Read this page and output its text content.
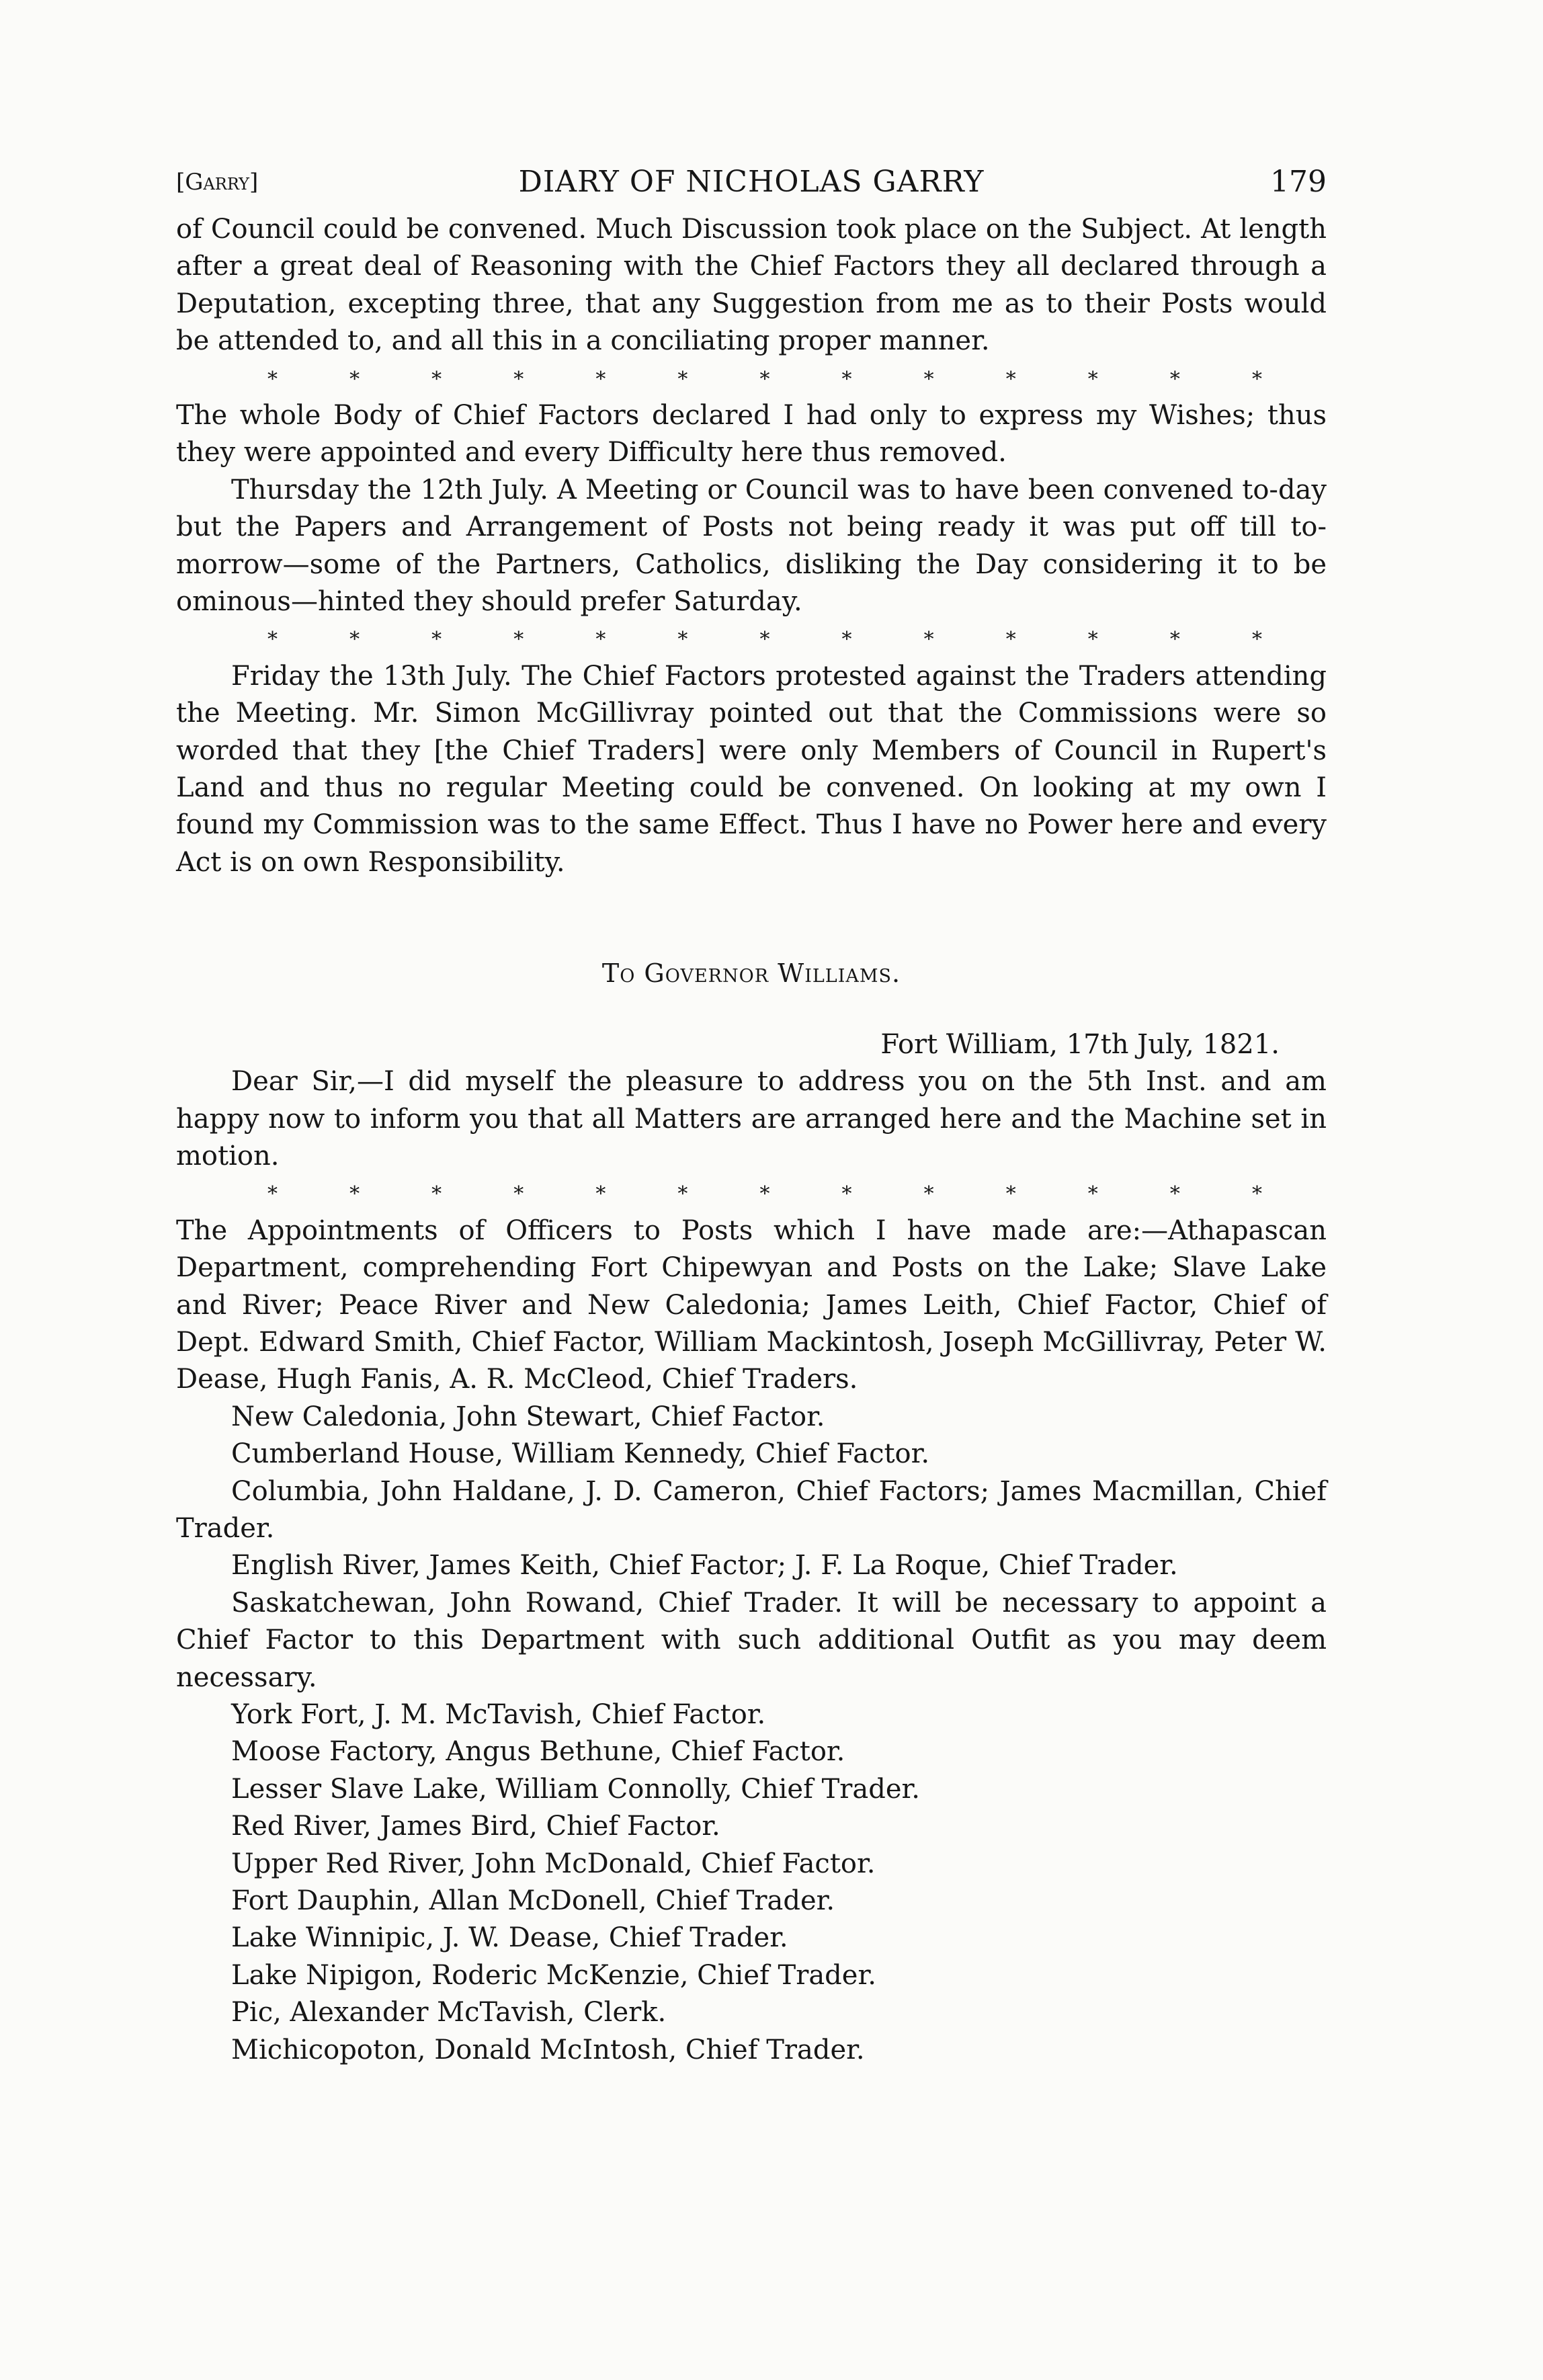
[Garry]	DIARY OF NICHOLAS GARRY	179

of Council could be convened. Much Discussion took place on the Subject. At length after a great deal of Reasoning with the Chief Factors they all declared through a Deputation, excepting three, that any Suggestion from me as to their Posts would be attended to, and all this in a conciliating proper manner.

*	*	*	*	*	*	*	*	*	*	*	*	*

The whole Body of Chief Factors declared I had only to express my Wishes; thus they were appointed and every Difficulty here thus removed.

Thursday the 12th July. A Meeting or Council was to have been convened to-day but the Papers and Arrangement of Posts not being ready it was put off till to-morrow—some of the Partners, Catholics, disliking the Day considering it to be ominous—hinted they should prefer Saturday.

*	*	*	*	*	*	*	*	*	*	*	*	*

Friday the 13th July. The Chief Factors protested against the Traders attending the Meeting. Mr. Simon McGillivray pointed out that the Commissions were so worded that they [the Chief Traders] were only Members of Council in Rupert's Land and thus no regular Meeting could be convened. On looking at my own I found my Commission was to the same Effect. Thus I have no Power here and every Act is on own Responsibility.

To Governor Williams.
Fort William, 17th July, 1821.

Dear Sir,—I did myself the pleasure to address you on the 5th Inst. and am happy now to inform you that all Matters are arranged here and the Machine set in motion.

*	*	*	*	*	*	*	*	*	*	*	*	*

The Appointments of Officers to Posts which I have made are:—Athapascan Department, comprehending Fort Chipewyan and Posts on the Lake; Slave Lake and River; Peace River and New Caledonia; James Leith, Chief Factor, Chief of Dept. Edward Smith, Chief Factor, William Mackintosh, Joseph McGillivray, Peter W. Dease, Hugh Fanis, A. R. McCleod, Chief Traders.

New Caledonia, John Stewart, Chief Factor.
Cumberland House, William Kennedy, Chief Factor.
Columbia, John Haldane, J. D. Cameron, Chief Factors; James Macmillan, Chief Trader.
English River, James Keith, Chief Factor; J. F. La Roque, Chief Trader.
Saskatchewan, John Rowand, Chief Trader. It will be necessary to appoint a Chief Factor to this Department with such additional Outfit as you may deem necessary.
York Fort, J. M. McTavish, Chief Factor.
Moose Factory, Angus Bethune, Chief Factor.
Lesser Slave Lake, William Connolly, Chief Trader.
Red River, James Bird, Chief Factor.
Upper Red River, John McDonald, Chief Factor.
Fort Dauphin, Allan McDonell, Chief Trader.
Lake Winnipic, J. W. Dease, Chief Trader.
Lake Nipigon, Roderic McKenzie, Chief Trader.
Pic, Alexander McTavish, Clerk.
Michicopoton, Donald McIntosh, Chief Trader.
